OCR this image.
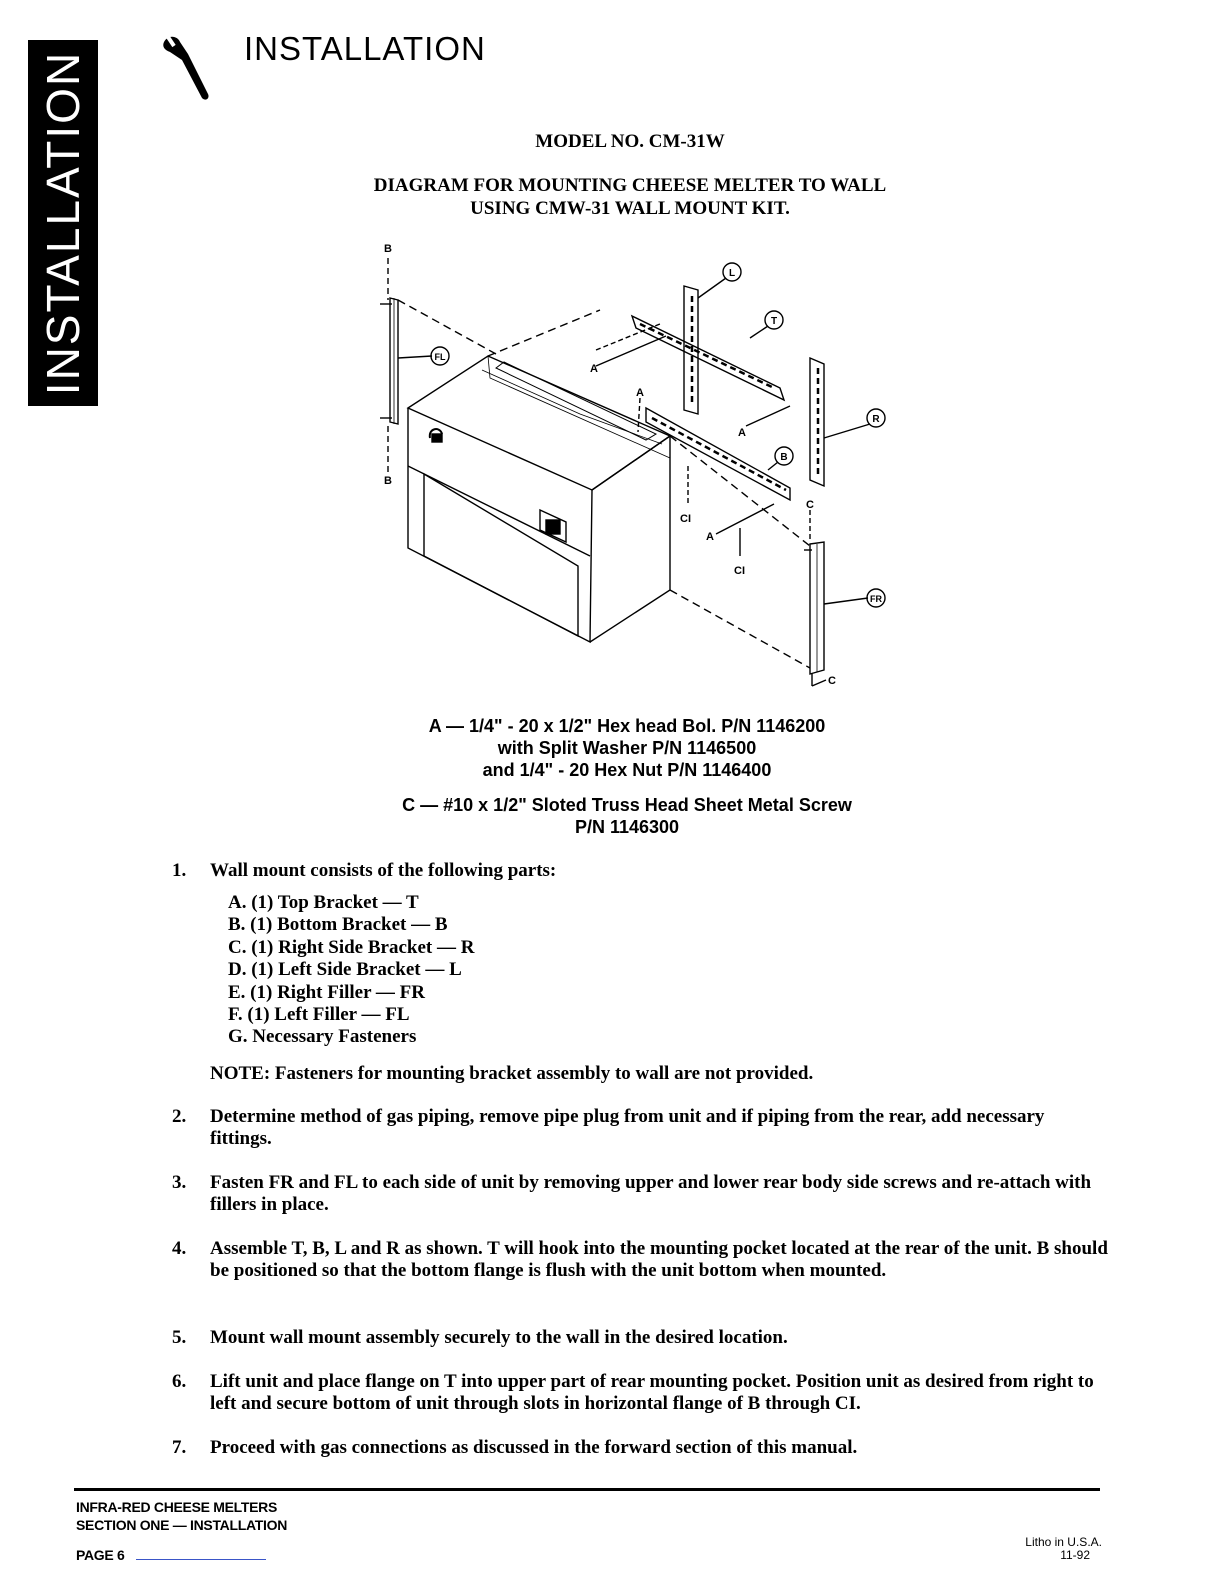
INSTALLATION
INSTALLATION
MODEL NO. CM-31W
DIAGRAM FOR MOUNTING CHEESE MELTER TO WALL
USING CMW-31 WALL MOUNT KIT.
B
B
FL
L
T
R
B
FR
A
A
A
A
CI
CI
C
C
A — 1/4" - 20 x 1/2" Hex head Bol. P/N 1146200
with Split Washer P/N 1146500
and 1/4" - 20 Hex Nut P/N 1146400
C — #10 x 1/2" Sloted Truss Head Sheet Metal Screw
P/N 1146300
1. Wall mount consists of the following parts:
A. (1) Top Bracket — T
B. (1) Bottom Bracket — B
C. (1) Right Side Bracket — R
D. (1) Left Side Bracket — L
E. (1) Right Filler — FR
F. (1) Left Filler — FL
G. Necessary Fasteners
NOTE: Fasteners for mounting bracket assembly to wall are not provided.
2. Determine method of gas piping, remove pipe plug from unit and if piping from the rear, add necessary fittings.
3. Fasten FR and FL to each side of unit by removing upper and lower rear body side screws and re-attach with fillers in place.
4. Assemble T, B, L and R as shown. T will hook into the mounting pocket located at the rear of the unit. B should be positioned so that the bottom flange is flush with the unit bottom when mounted.
5. Mount wall mount assembly securely to the wall in the desired location.
6. Lift unit and place flange on T into upper part of rear mounting pocket. Position unit as desired from right to left and secure bottom of unit through slots in horizontal flange of B through CI.
7. Proceed with gas connections as discussed in the forward section of this manual.
INFRA-RED CHEESE MELTERS
SECTION ONE — INSTALLATION
PAGE 6
Litho in U.S.A.
11-92
